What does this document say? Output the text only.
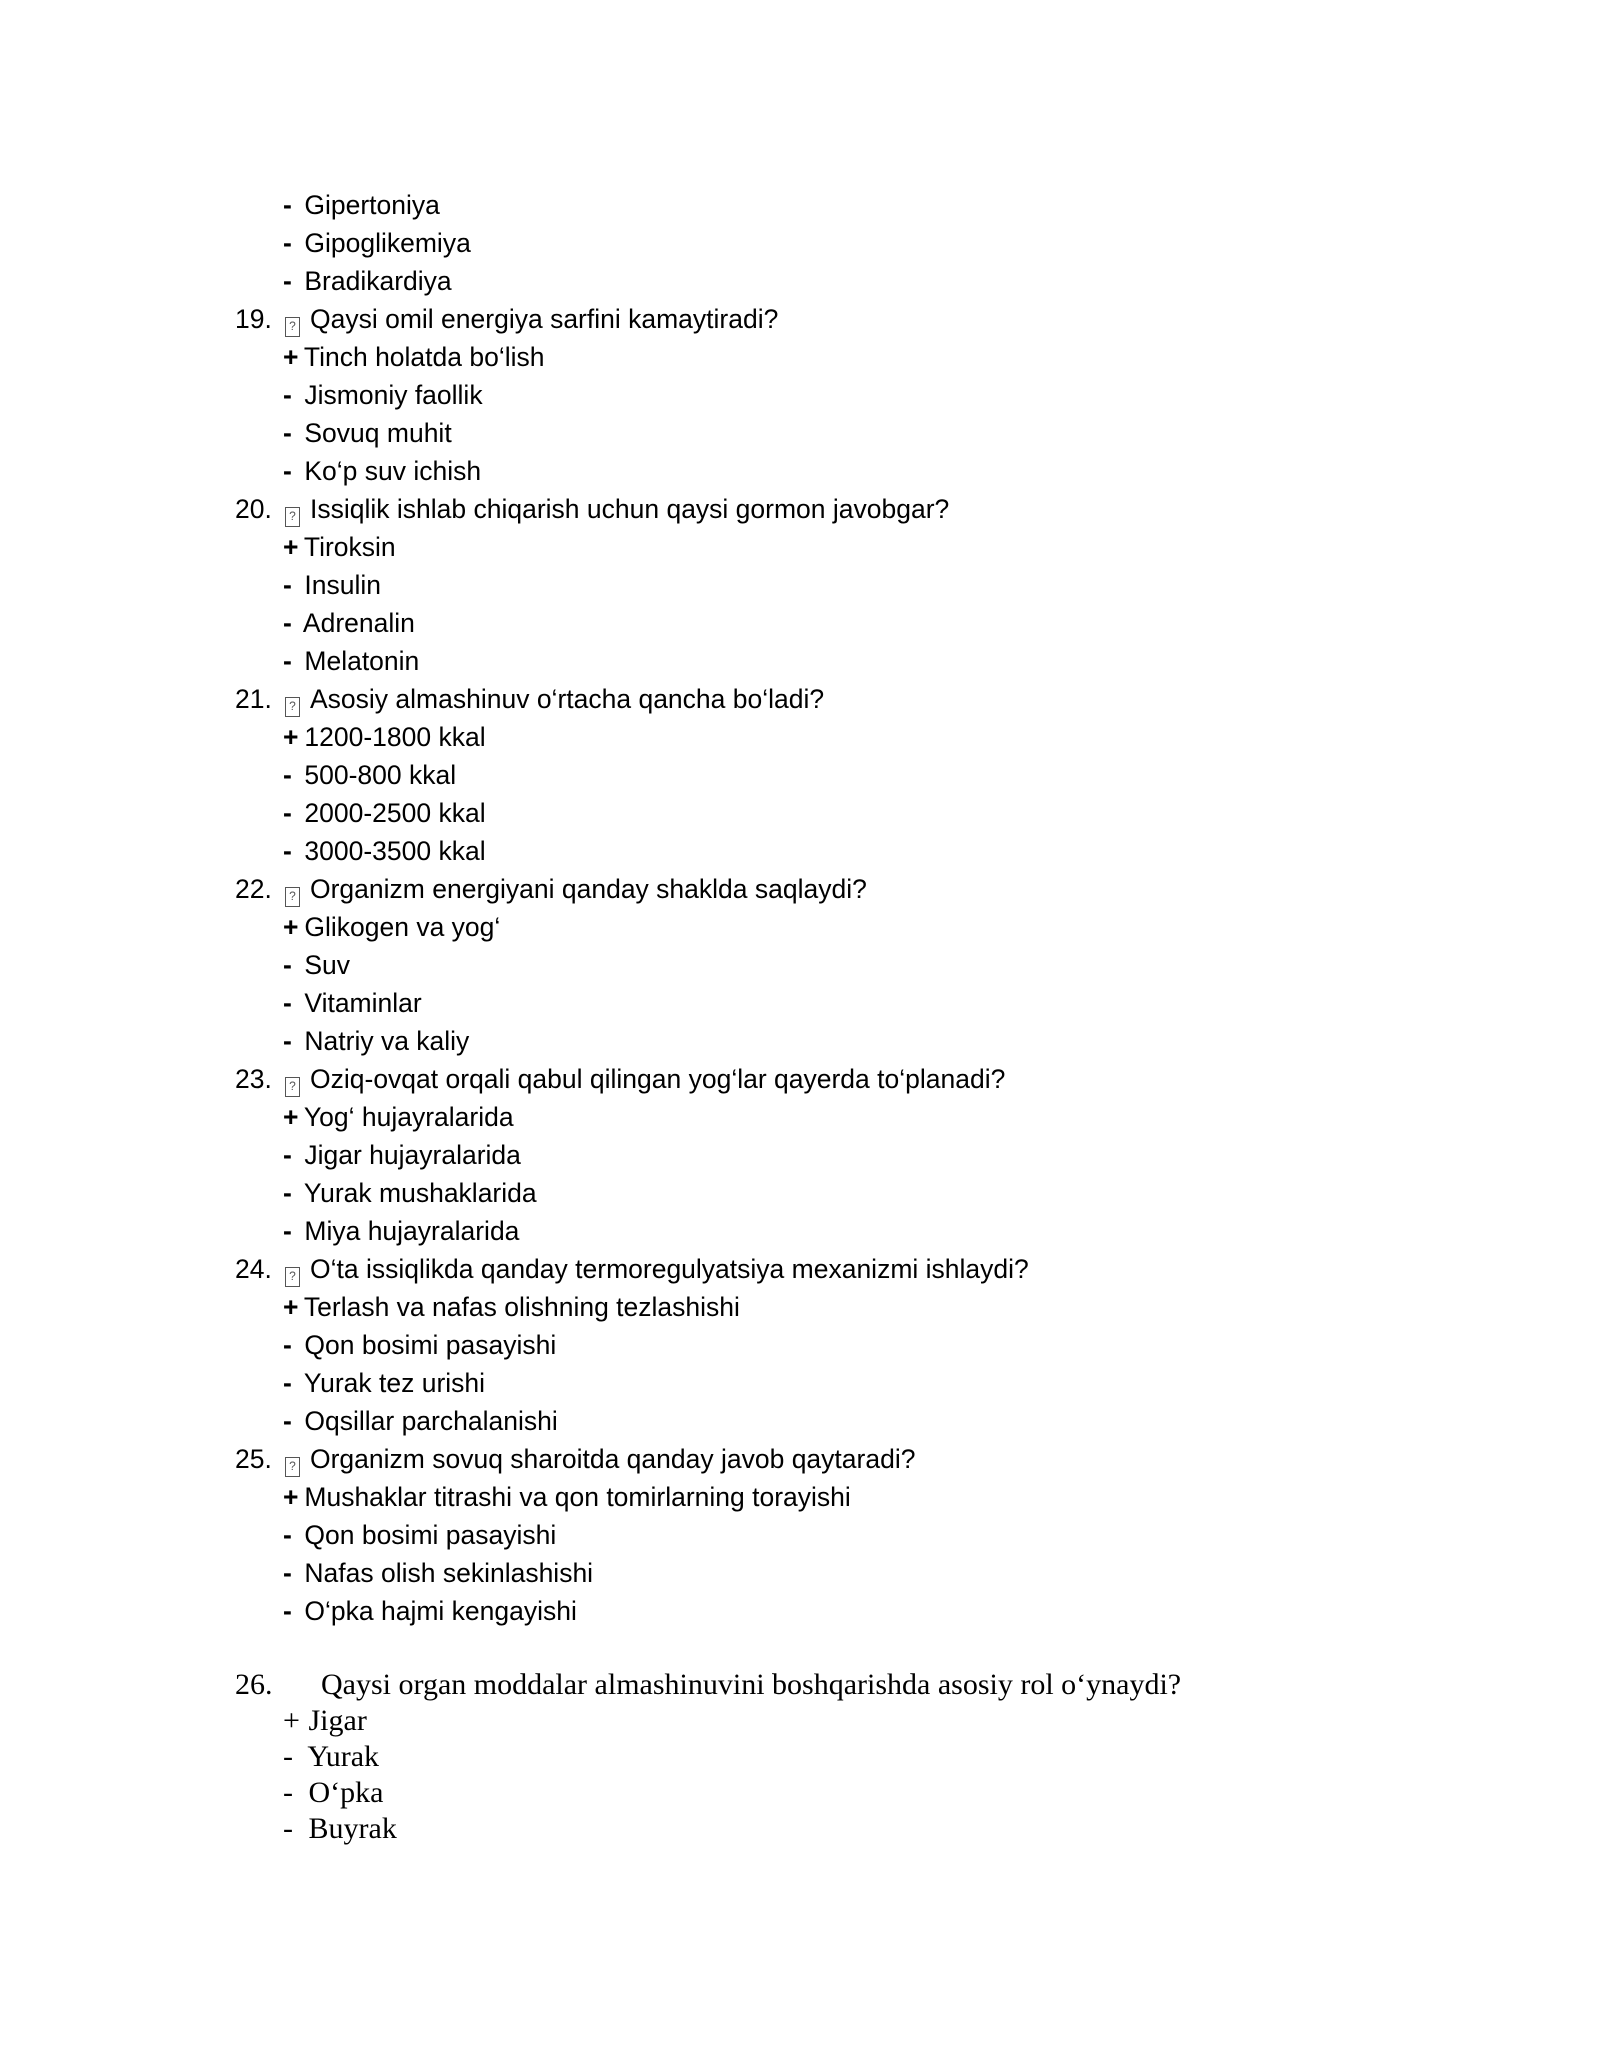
- Gipertoniya
- Gipoglikemiya
- Bradikardiya
19. ? Qaysi omil energiya sarfini kamaytiradi?
+ Tinch holatda bo‘lish
- Jismoniy faollik
- Sovuq muhit
- Ko‘p suv ichish
20. ? Issiqlik ishlab chiqarish uchun qaysi gormon javobgar?
+ Tiroksin
- Insulin
- Adrenalin
- Melatonin
21. ? Asosiy almashinuv o‘rtacha qancha bo‘ladi?
+ 1200-1800 kkal
- 500-800 kkal
- 2000-2500 kkal
- 3000-3500 kkal
22. ? Organizm energiyani qanday shaklda saqlaydi?
+ Glikogen va yog‘
- Suv
- Vitaminlar
- Natriy va kaliy
23. ? Oziq-ovqat orqali qabul qilingan yog‘lar qayerda to‘planadi?
+ Yog‘ hujayralarida
- Jigar hujayralarida
- Yurak mushaklarida
- Miya hujayralarida
24. ? O‘ta issiqlikda qanday termoregulyatsiya mexanizmi ishlaydi?
+ Terlash va nafas olishning tezlashishi
- Qon bosimi pasayishi
- Yurak tez urishi
- Oqsillar parchalanishi
25. ? Organizm sovuq sharoitda qanday javob qaytaradi?
+ Mushaklar titrashi va qon tomirlarning torayishi
- Qon bosimi pasayishi
- Nafas olish sekinlashishi
- O‘pka hajmi kengayishi
26. Qaysi organ moddalar almashinuvini boshqarishda asosiy rol o‘ynaydi?
+ Jigar
- Yurak
- O‘pka
- Buyrak
